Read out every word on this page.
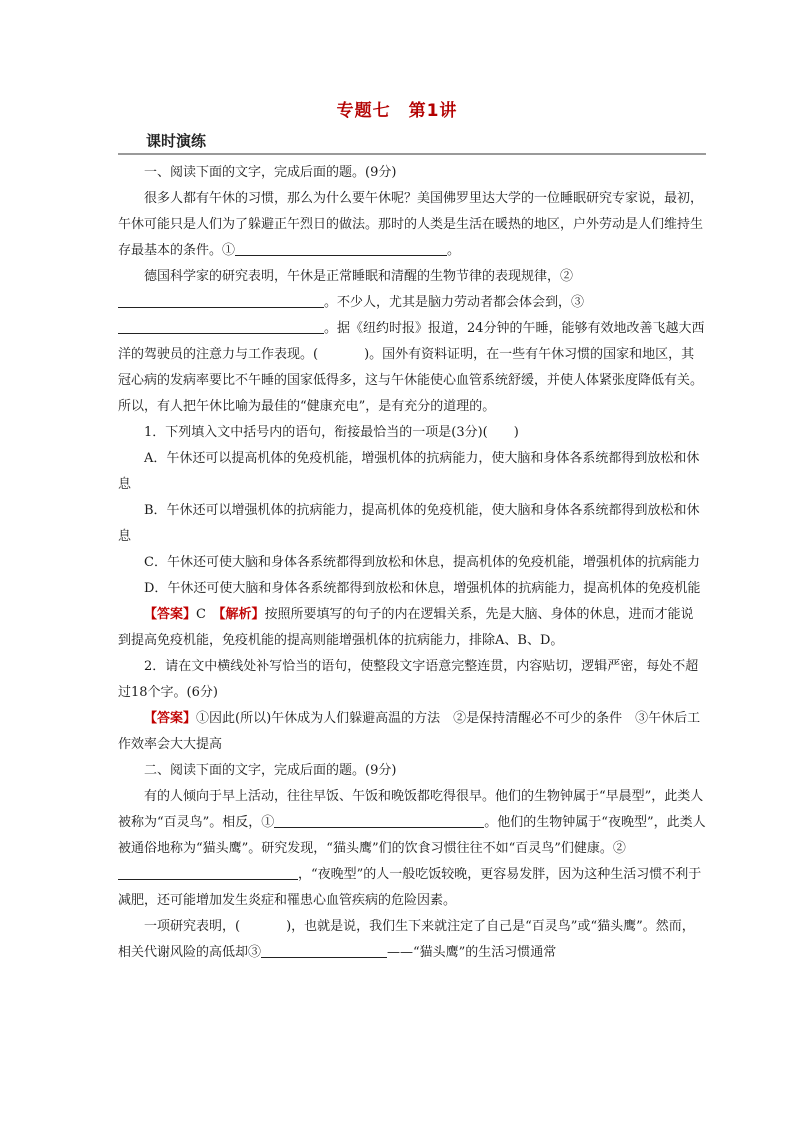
专题七　第1讲
课时演练

一、阅读下面的文字，完成后面的题。(9分)

很多人都有午休的习惯，那么为什么要午休呢？美国佛罗里达大学的一位睡眠研究专家说，最初，午休可能只是人们为了躲避正午烈日的做法。那时的人类是生活在暖热的地区，户外劳动是人们维持生存最基本的条件。①	。

德国科学家的研究表明，午休是正常睡眠和清醒的生物节律的表现规律，②。不少人，尤其是脑力劳动者都会体会到，③。据《纽约时报》报道，24分钟的午睡，能够有效地改善飞越大西洋的驾驶员的注意力与工作表现。(	)。国外有资料证明，在一些有午休习惯的国家和地区，其冠心病的发病率要比不午睡的国家低得多，这与午休能使心血管系统舒缓，并使人体紧张度降低有关。所以，有人把午休比喻为最佳的“健康充电”，是有充分的道理的。

1．下列填入文中括号内的语句，衔接最恰当的一项是(3分)(　　)

A．午休还可以提高机体的免疫机能，增强机体的抗病能力，使大脑和身体各系统都得到放松和休息

B．午休还可以增强机体的抗病能力，提高机体的免疫机能，使大脑和身体各系统都得到放松和休息

C．午休还可使大脑和身体各系统都得到放松和休息，提高机体的免疫机能，增强机体的抗病能力

D．午休还可使大脑和身体各系统都得到放松和休息，增强机体的抗病能力，提高机体的免疫机能

【答案】C　【解析】按照所要填写的句子的内在逻辑关系，先是大脑、身体的休息，进而才能说到提高免疫机能，免疫机能的提高则能增强机体的抗病能力，排除A、B、D。

2．请在文中横线处补写恰当的语句，使整段文字语意完整连贯，内容贴切，逻辑严密，每处不超过18个字。(6分)

【答案】①因此(所以)午休成为人们躲避高温的方法　②是保持清醒必不可少的条件　③午休后工作效率会大大提高

二、阅读下面的文字，完成后面的题。(9分)

有的人倾向于早上活动，往往早饭、午饭和晚饭都吃得很早。他们的生物钟属于“早晨型”，此类人被称为“百灵鸟”。相反，①	。他们的生物钟属于“夜晚型”，此类人被通俗地称为“猫头鹰”。研究发现，“猫头鹰”们的饮食习惯往往不如“百灵鸟”们健康。②，“夜晚型”的人一般吃饭较晚，更容易发胖，因为这种生活习惯不利于减肥，还可能增加发生炎症和罹患心血管疾病的危险因素。

一项研究表明，(	)，也就是说，我们生下来就注定了自己是“百灵鸟”或“猫头鹰”。然而，相关代谢风险的高低却③	——“猫头鹰”的生活习惯通常
